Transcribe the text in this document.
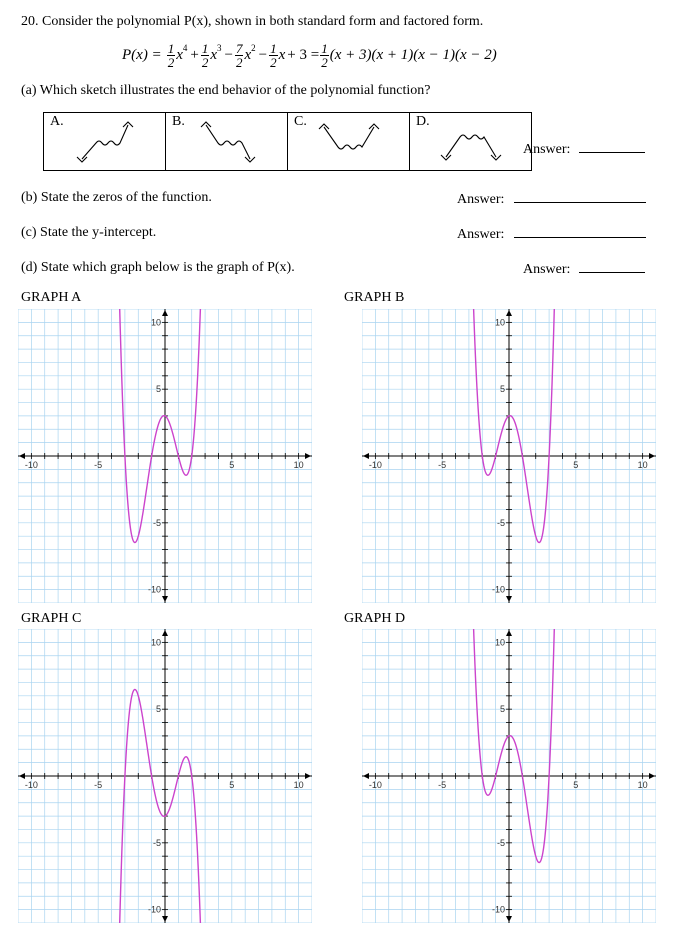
20. Consider the polynomial P(x), shown in both standard form and factored form.
$P(x) = \frac{1}{2}$ x $4 + \frac{1}{2}$ x $3 - \frac{7}{2}$ x $2 - \frac{1}{2}$ $x + 3 = \frac{1}{2} (x + 3)(x + 1)(x - 1)(x - 2)$
(a) Which sketch illustrates the end behavior of the polynomial function?
A.	B.	C.	D.
Answer:
(b) State the zeros of the function.	Answer:
(c) State the y-intercept.	Answer:
(d) State which graph below is the graph of P(x).	Answer:
GRAPH A	GRAPH B
GRAPH C	GRAPH D
-10	-5	5	10
10
5
-5
-10
-10	-5	5	10
10
5
-5
-10
-10	-5	5	10
10
5
-5
-10
-10	-5	5	10
10
5
-5
-10
